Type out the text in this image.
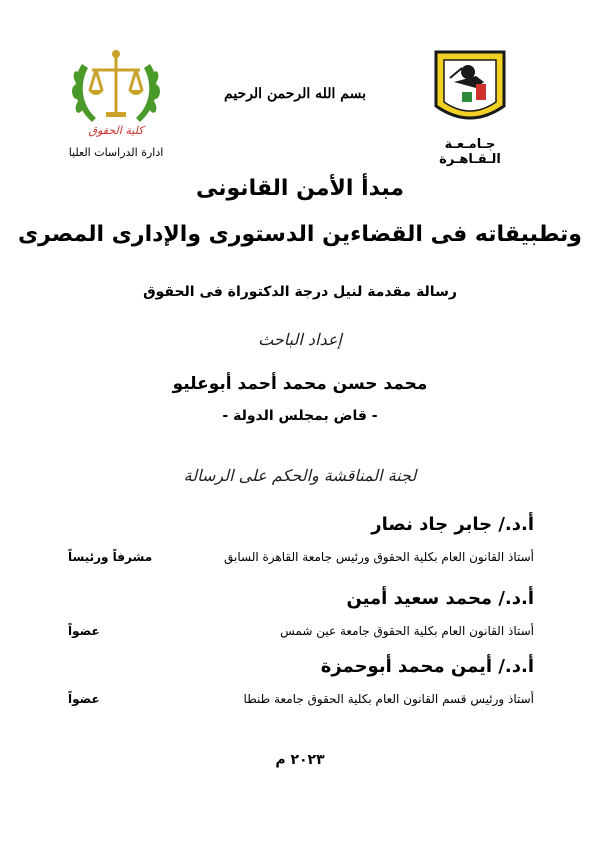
كلية الحقوق
ادارة الدراسات العليا
بسم الله الرحمن الرحيم
جـامـعـة الـقـاهـرة
مبدأ الأمن القانونى
وتطبيقاته فى القضاءين الدستورى والإدارى المصرى
رسالة مقدمة لنيل درجة الدكتوراة فى الحقوق
إعداد الباحث
محمد حسن محمد أحمد أبوعليو
- قاض بمجلس الدولة -
لجنة المناقشة والحكم على الرسالة
أ.د./ جابر جاد نصار
أستاذ القانون العام بكلية الحقوق ورئيس جامعة القاهرة السابق
مشرفاً ورئيساً
أ.د./ محمد سعيد أمين
أستاذ القانون العام بكلية الحقوق جامعة عين شمس
عضواً
أ.د./ أيمن محمد أبوحمزة
أستاذ ورئيس قسم القانون العام بكلية الحقوق جامعة طنطا
عضواً
٢٠٢٣ م
